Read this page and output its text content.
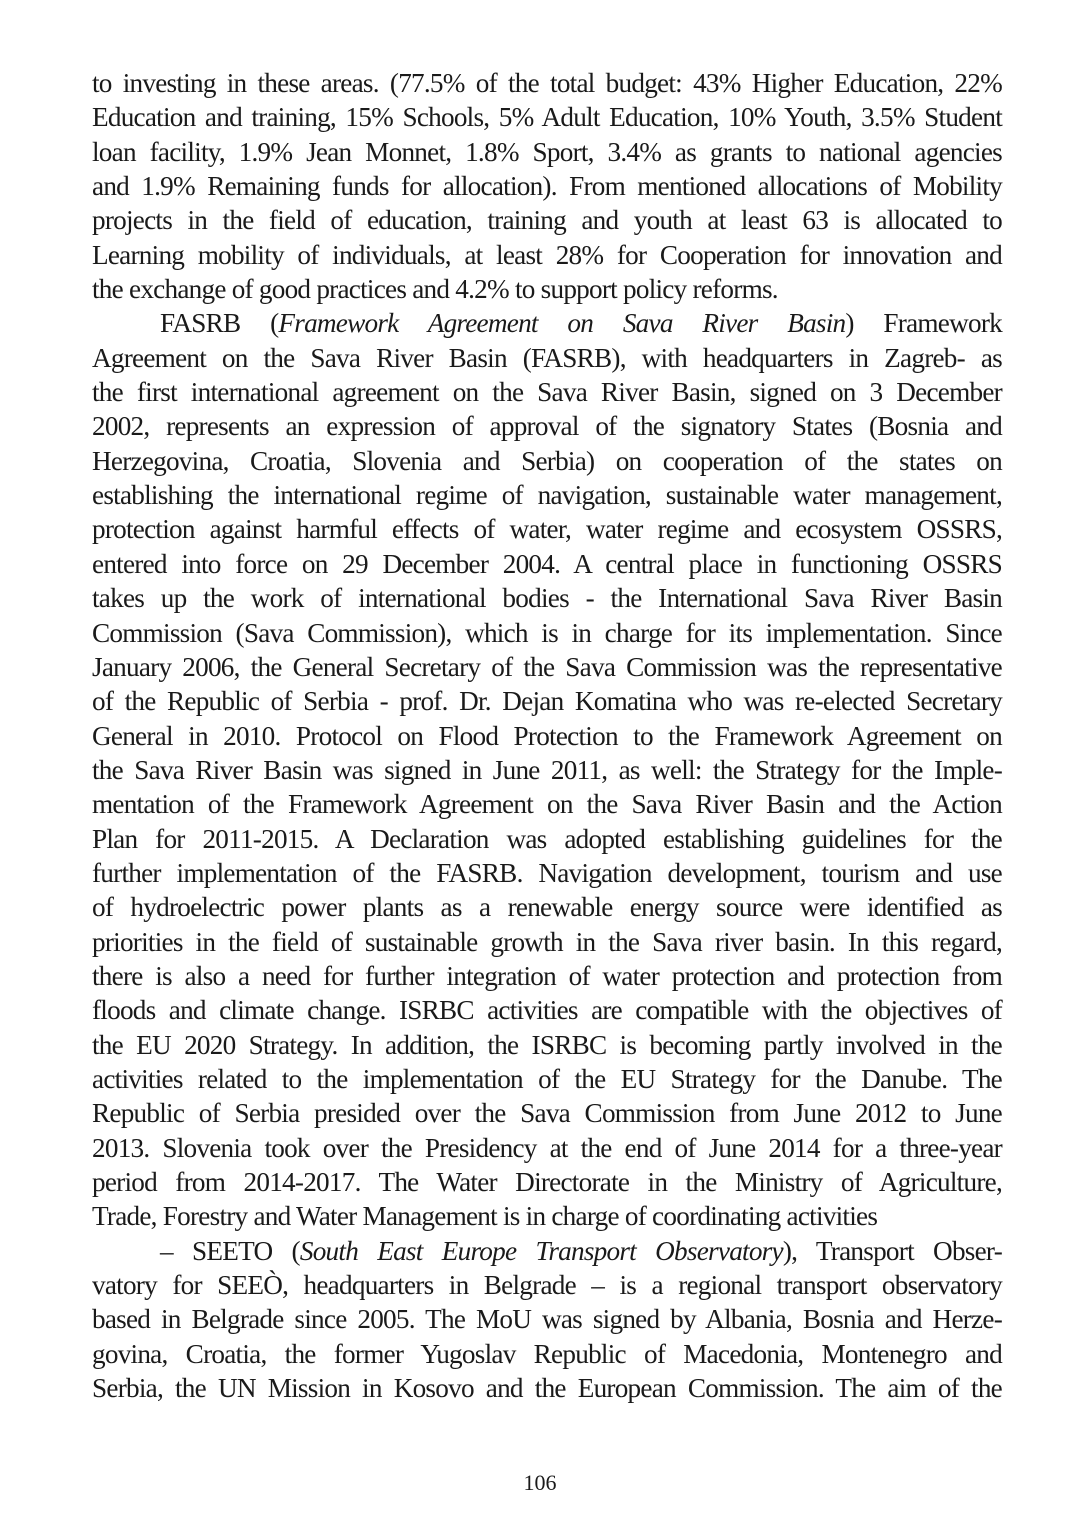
to investing in these areas. (77.5% of the total budget: 43% Higher Education, 22%
Education and training, 15% Schools, 5% Adult Education, 10% Youth, 3.5% Student
loan facility, 1.9% Jean Monnet, 1.8% Sport, 3.4% as grants to national agencies
and 1.9% Remaining funds for allocation). From mentioned allocations of Mobility
projects in the field of education, training and youth at least 63 is allocated to
Learning mobility of individuals, at least 28% for Cooperation for innovation and
the exchange of good practices and 4.2% to support policy reforms.
FASRB (Framework Agreement on Sava River Basin) Framework
Agreement on the Sava River Basin (FASRB), with headquarters in Zagreb- as
the first international agreement on the Sava River Basin, signed on 3 December
2002, represents an expression of approval of the signatory States (Bosnia and
Herzegovina, Croatia, Slovenia and Serbia) on cooperation of the states on
establishing the international regime of navigation, sustainable water management,
protection against harmful effects of water, water regime and ecosystem OSSRS,
entered into force on 29 December 2004. A central place in functioning OSSRS
takes up the work of international bodies - the International Sava River Basin
Commission (Sava Commission), which is in charge for its implementation. Since
January 2006, the General Secretary of the Sava Commission was the representative
of the Republic of Serbia - prof. Dr. Dejan Komatina who was re-elected Secretary
General in 2010. Protocol on Flood Protection to the Framework Agreement on
the Sava River Basin was signed in June 2011, as well: the Strategy for the Imple-
mentation of the Framework Agreement on the Sava River Basin and the Action
Plan for 2011-2015. A Declaration was adopted establishing guidelines for the
further implementation of the FASRB. Navigation development, tourism and use
of hydroelectric power plants as a renewable energy source were identified as
priorities in the field of sustainable growth in the Sava river basin. In this regard,
there is also a need for further integration of water protection and protection from
floods and climate change. ISRBC activities are compatible with the objectives of
the EU 2020 Strategy. In addition, the ISRBC is becoming partly involved in the
activities related to the implementation of the EU Strategy for the Danube. The
Republic of Serbia presided over the Sava Commission from June 2012 to June
2013. Slovenia took over the Presidency at the end of June 2014 for a three-year
period from 2014-2017. The Water Directorate in the Ministry of Agriculture,
Trade, Forestry and Water Management is in charge of coordinating activities
– SEETO (South East Europe Transport Observatory), Transport Obser-
vatory for SEEÒ, headquarters in Belgrade – is a regional transport observatory
based in Belgrade since 2005. The MoU was signed by Albania, Bosnia and Herze-
govina, Croatia, the former Yugoslav Republic of Macedonia, Montenegro and
Serbia, the UN Mission in Kosovo and the European Commission. The aim of the
106
